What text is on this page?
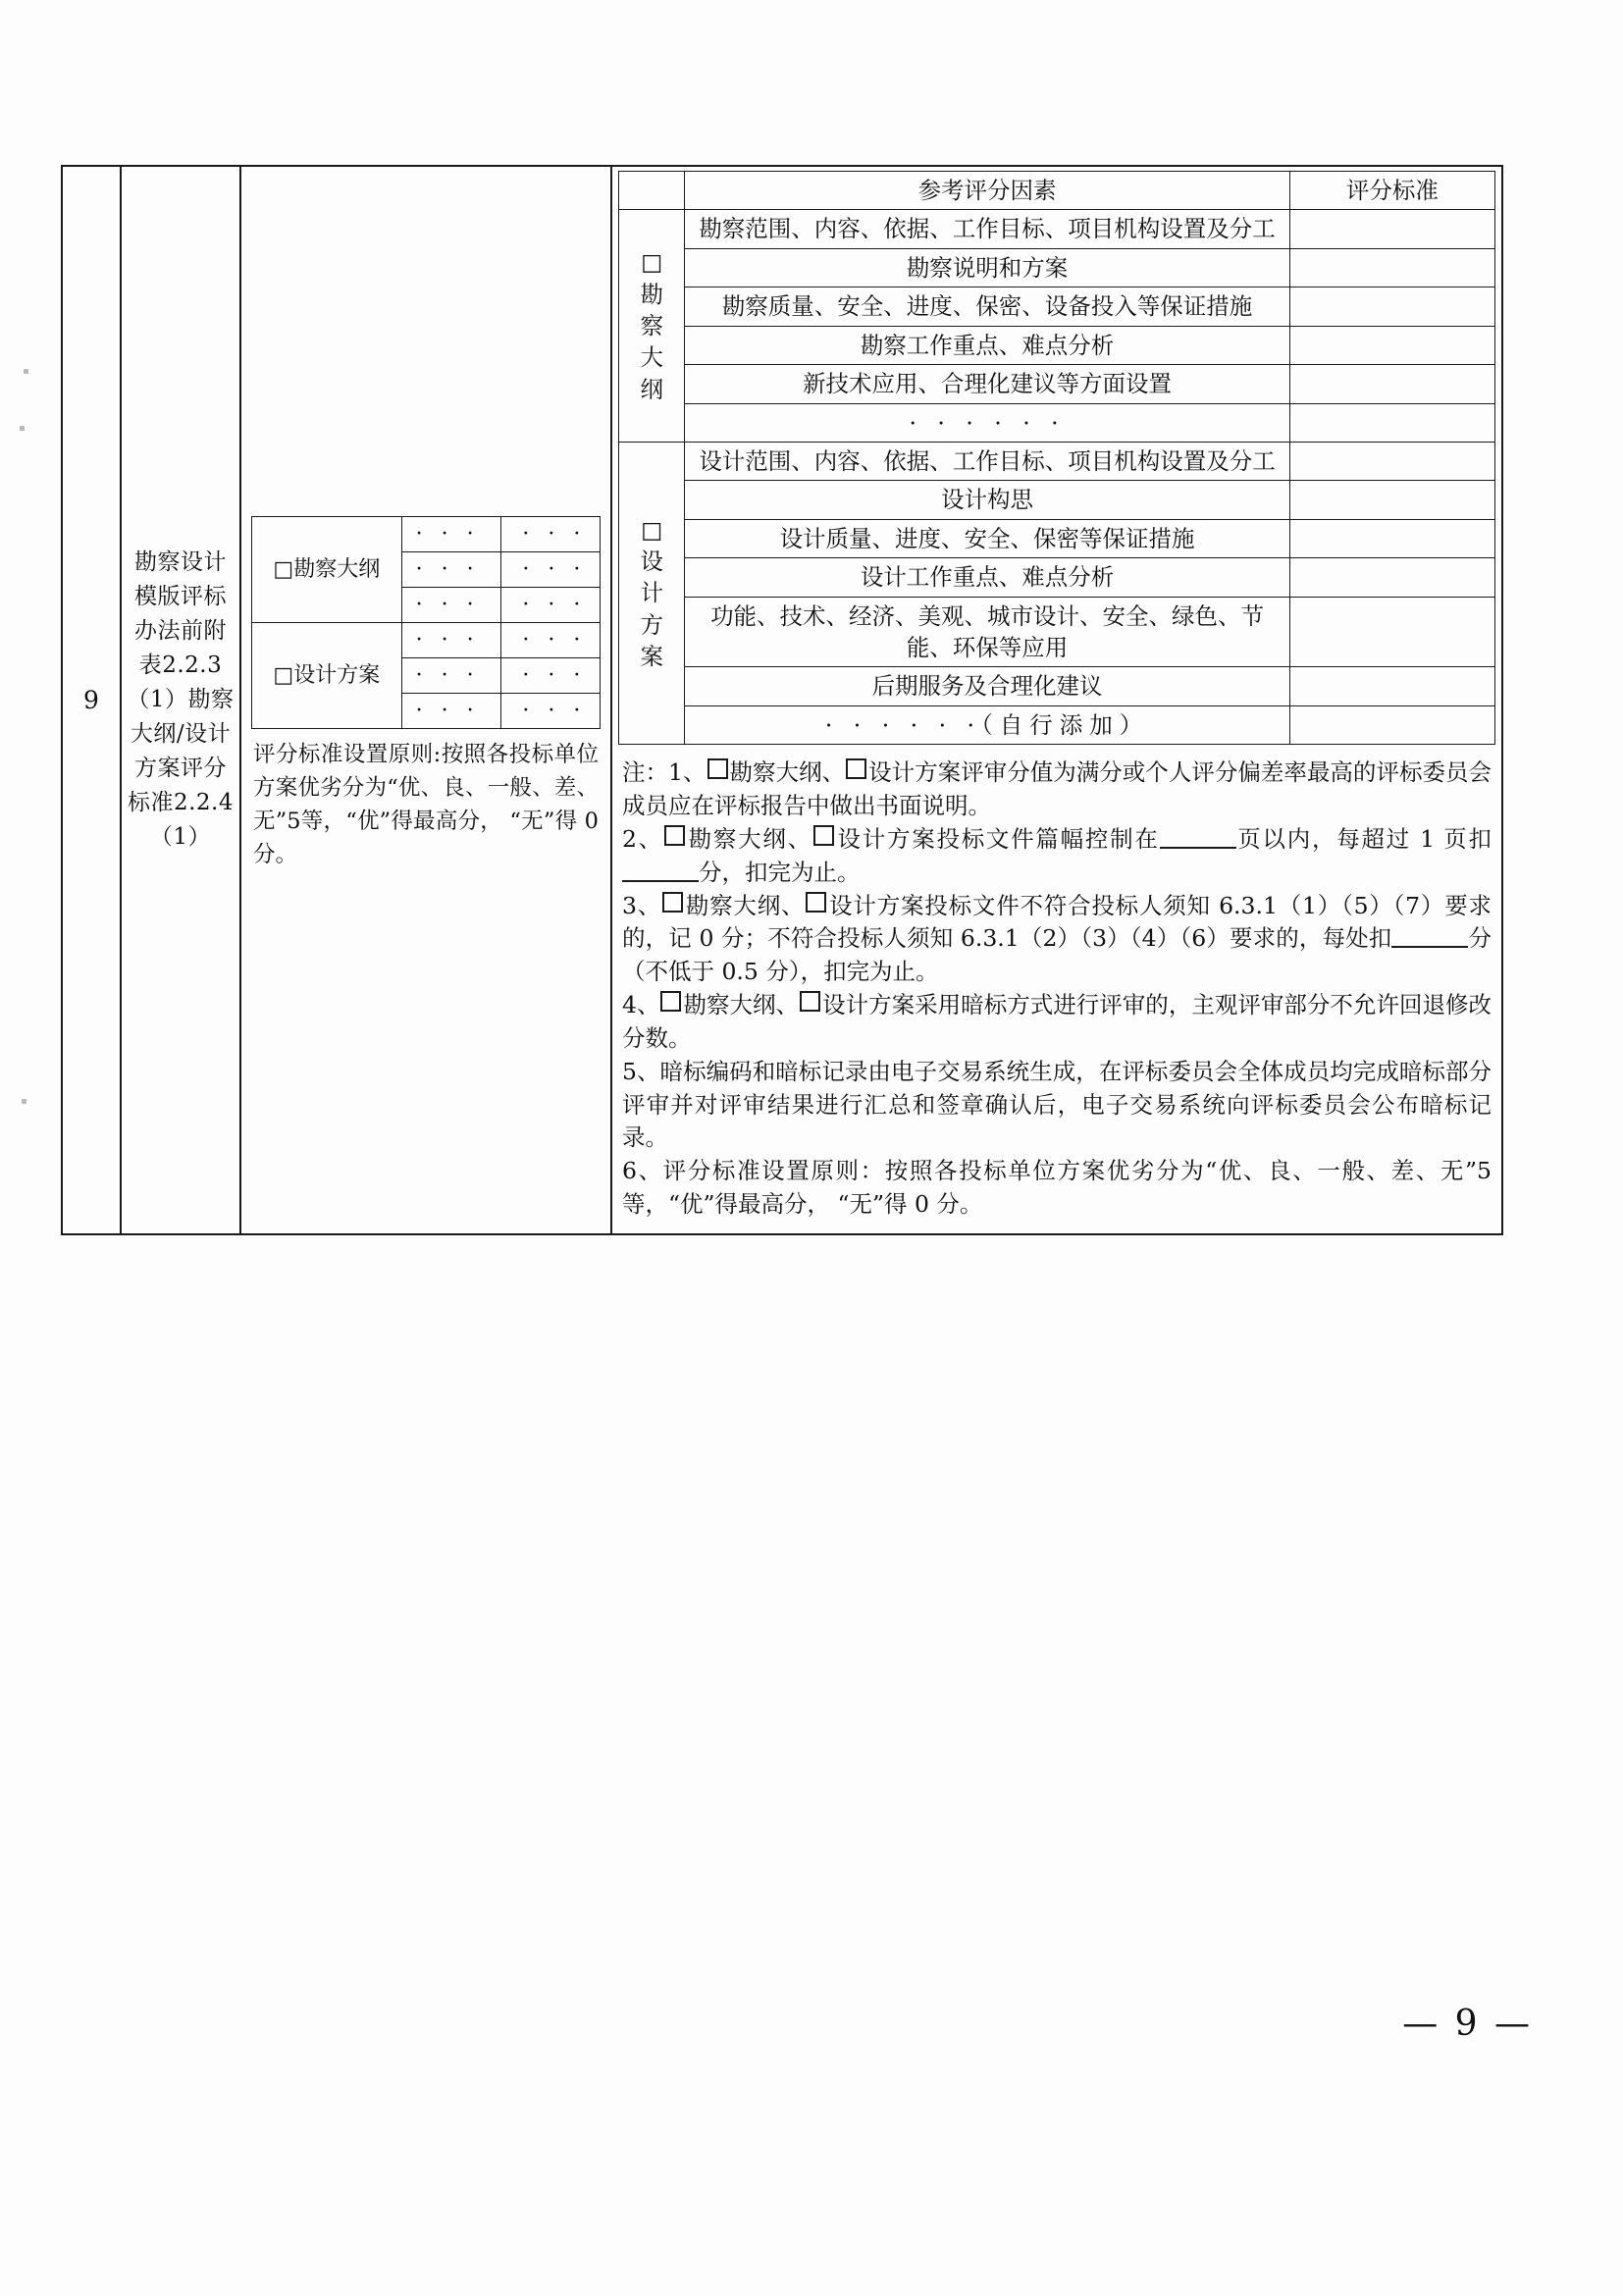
9	勘察设计模版评标办法前附表2.2.3（1）勘察大纲/设计方案评分标准2.2.4（1）	
□勘察大纲	· · ·	· · ·
· · ·	· · ·
· · ·	· · ·
□设计方案	· · ·	· · ·
· · ·	· · ·
· · ·	· · ·
评分标准设置原则:按照各投标单位方案优劣分为“优、良、一般、差、无”5等，“优”得最高分， “无”得 0 分。

	参考评分因素	评分标准

□
勘
察
大
纲
	勘察范围、内容、依据、工作目标、项目机构设置及分工	
勘察说明和方案	
勘察质量、安全、进度、保密、设备投入等保证措施	
勘察工作重点、难点分析	
新技术应用、合理化建议等方面设置	
· · · · · ·	

□
设
计
方
案
	设计范围、内容、依据、工作目标、项目机构设置及分工	
设计构思	
设计质量、进度、安全、保密等保证措施	
设计工作重点、难点分析	
功能、技术、经济、美观、城市设计、安全、绿色、节能、环保等应用	
后期服务及合理化建议	
· · · · · ·（自行添加）	

注：1、 勘察大纲、 设计方案评审分值为满分或个人评分偏差率最高的评标委员会成员应在评标报告中做出书面说明。

2、 勘察大纲、 设计方案投标文件篇幅控制在	页以内，每超过 1 页扣分，扣完为止。

3、 勘察大纲、 设计方案投标文件不符合投标人须知 6.3.1（1）（5）（7）要求的，记 0 分；不符合投标人须知 6.3.1（2）（3）（4）（6）要求的，每处扣	分（不低于 0.5 分），扣完为止。

4、 勘察大纲、 设计方案采用暗标方式进行评审的，主观评审部分不允许回退修改分数。

5、暗标编码和暗标记录由电子交易系统生成，在评标委员会全体成员均完成暗标部分评审并对评审结果进行汇总和签章确认后，电子交易系统向评标委员会公布暗标记录。

6、评分标准设置原则：按照各投标单位方案优劣分为“优、良、一般、差、无”5 等，“优”得最高分， “无”得 0 分。

— 9 —
